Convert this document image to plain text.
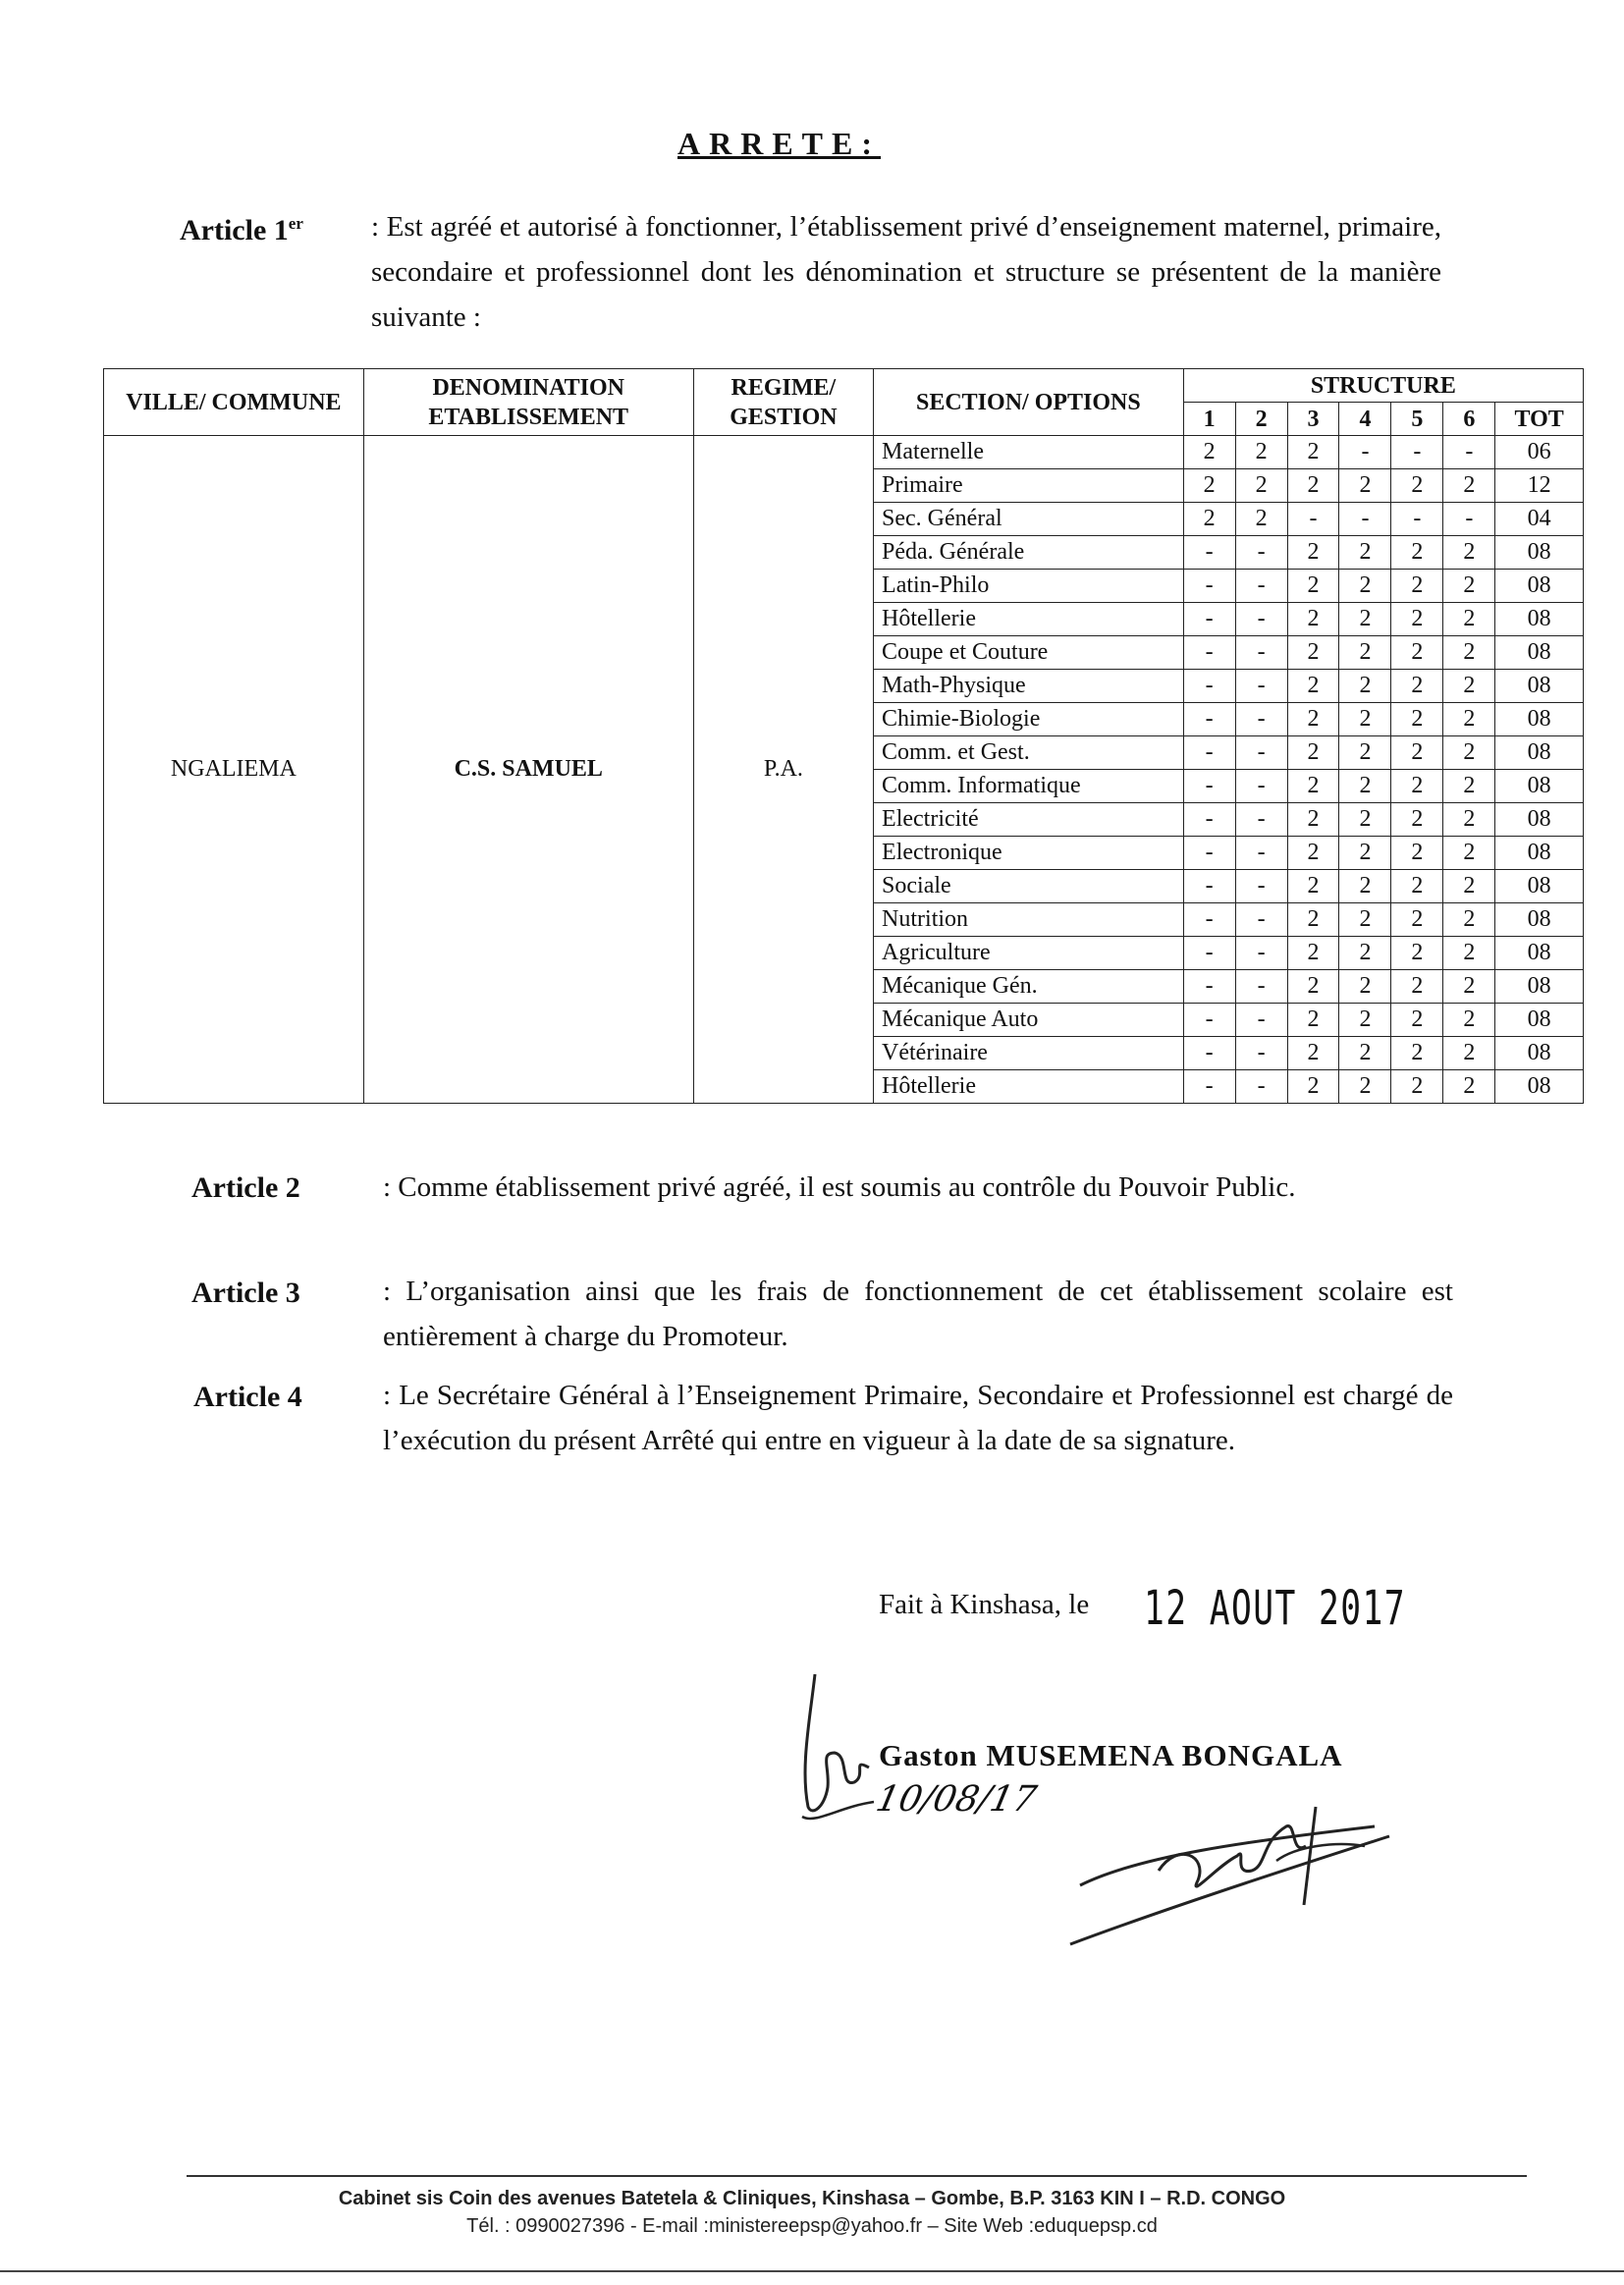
ARRETE:
Article 1er : Est agréé et autorisé à fonctionner, l’établissement privé d’enseignement maternel, primaire, secondaire et professionnel dont les dénomination et structure se présentent de la manière suivante :
VILLE/ COMMUNE	DENOMINATION ETABLISSEMENT	REGIME/ GESTION	SECTION/ OPTIONS	STRUCTURE						
				1	2	3	4	5	6	TOT
NGALIEMA	C.S. SAMUEL	P.A.	Maternelle	2	2	2	-	-	-	06
			Primaire	2	2	2	2	2	2	12
			Sec. Général	2	2	-	-	-	-	04
			Péda. Générale	-	-	2	2	2	2	08
			Latin-Philo	-	-	2	2	2	2	08
			Hôtellerie	-	-	2	2	2	2	08
			Coupe et Couture	-	-	2	2	2	2	08
			Math-Physique	-	-	2	2	2	2	08
			Chimie-Biologie	-	-	2	2	2	2	08
			Comm. et Gest.	-	-	2	2	2	2	08
			Comm. Informatique	-	-	2	2	2	2	08
			Electricité	-	-	2	2	2	2	08
			Electronique	-	-	2	2	2	2	08
			Sociale	-	-	2	2	2	2	08
			Nutrition	-	-	2	2	2	2	08
			Agriculture	-	-	2	2	2	2	08
			Mécanique Gén.	-	-	2	2	2	2	08
			Mécanique Auto	-	-	2	2	2	2	08
			Vétérinaire	-	-	2	2	2	2	08
			Hôtellerie	-	-	2	2	2	2	08
Article 2	: Comme établissement privé agréé, il est soumis au contrôle du Pouvoir Public.
Article 3	: L’organisation ainsi que les frais de fonctionnement de cet établissement scolaire est entièrement à charge du Promoteur.
Article 4	: Le Secrétaire Général à l’Enseignement Primaire, Secondaire et Professionnel est chargé de l’exécution du présent Arrêté qui entre en vigueur à la date de sa signature.
Fait à Kinshasa, le 12 AOUT 2017
Gaston MUSEMENA BONGALA
10/08/17
Cabinet sis Coin des avenues Batetela & Cliniques, Kinshasa – Gombe, B.P. 3163 KIN I – R.D. CONGO
Tél. : 0990027396 - E-mail :ministereepsp@yahoo.fr – Site Web :eduquepsp.cd
